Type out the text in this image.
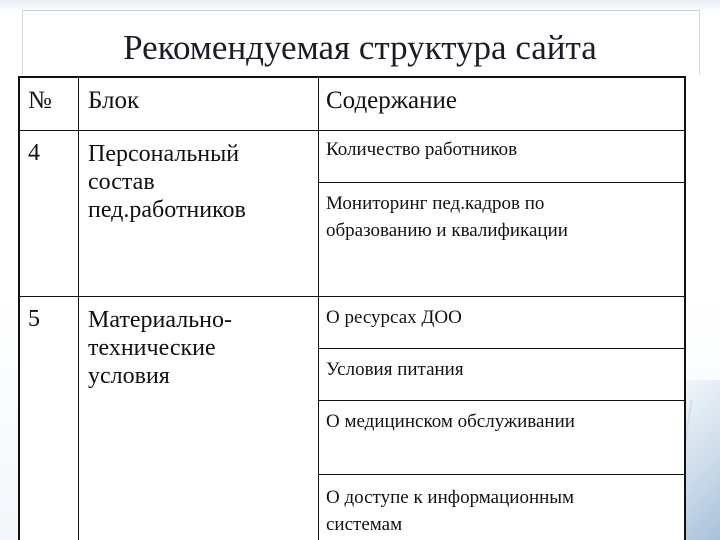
Рекомендуемая структура сайта
№ Блок	Содержание
4 Персональный
состав
пед.работников
Количество работников
Мониторинг пед.кадров по
образованию и квалификации
5 Материально-
технические
условия
О ресурсах ДОО
Условия питания
О медицинском обслуживании
О доступе к информационным
системам
